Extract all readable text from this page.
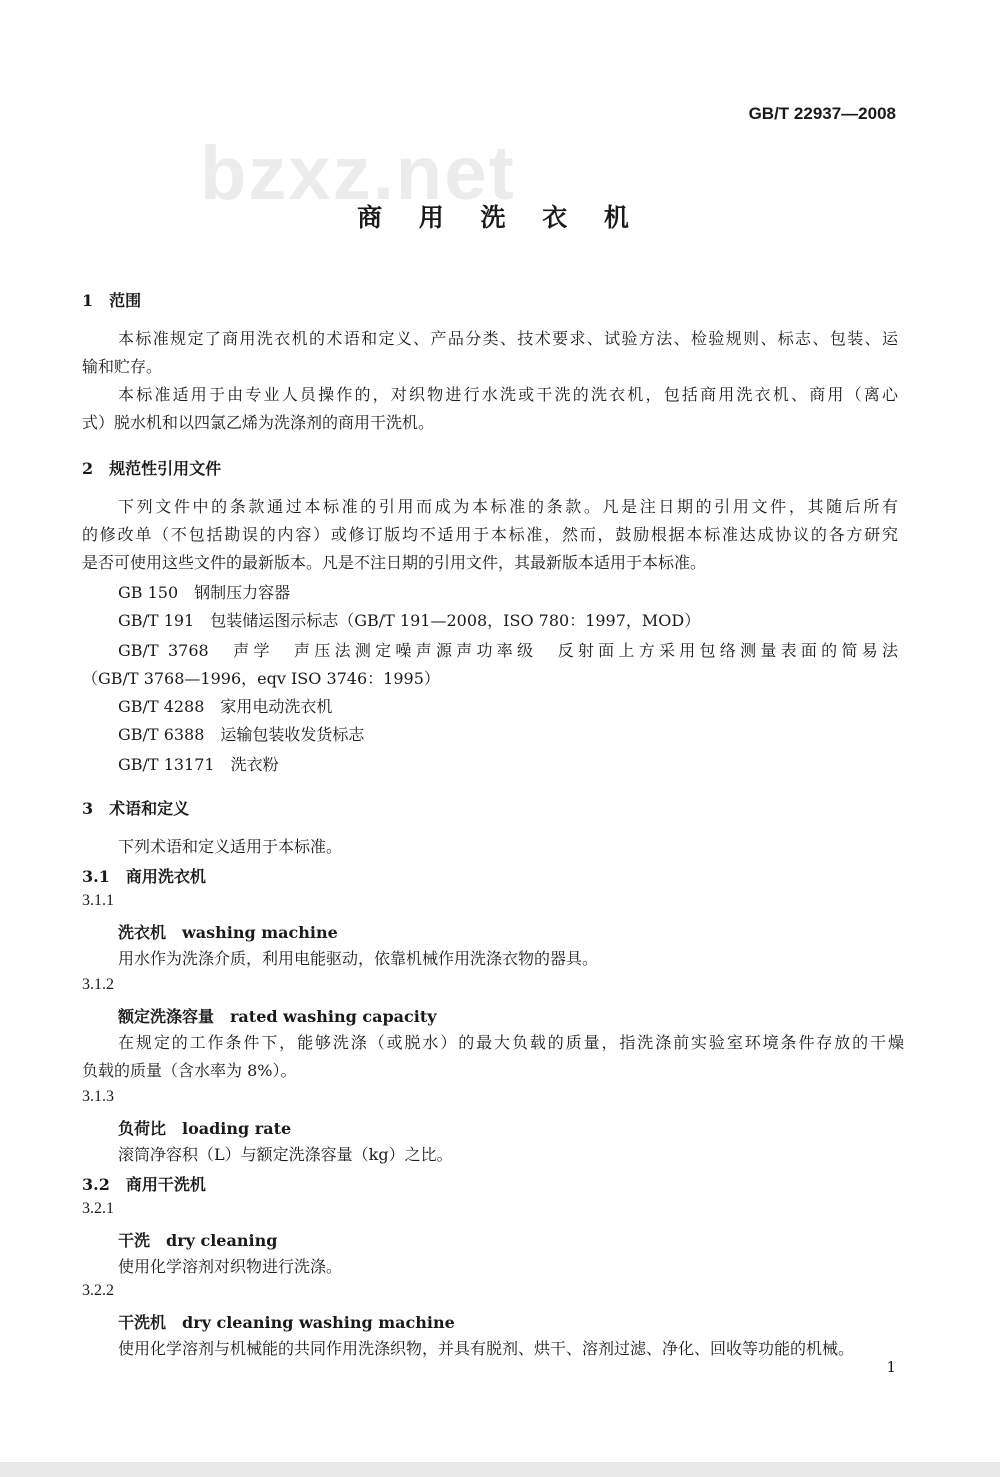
bzxz.net
GB/T 22937—2008
商 用 洗 衣 机
1　范围
本标准规定了商用洗衣机的术语和定义、产品分类、技术要求、试验方法、检验规则、标志、包装、运
输和贮存。
本标准适用于由专业人员操作的，对织物进行水洗或干洗的洗衣机，包括商用洗衣机、商用（离心
式）脱水机和以四氯乙烯为洗涤剂的商用干洗机。
2　规范性引用文件
下列文件中的条款通过本标准的引用而成为本标准的条款。凡是注日期的引用文件，其随后所有
的修改单（不包括勘误的内容）或修订版均不适用于本标准，然而，鼓励根据本标准达成协议的各方研究
是否可使用这些文件的最新版本。凡是不注日期的引用文件，其最新版本适用于本标准。
GB 150　钢制压力容器
GB/T 191　包装储运图示标志（GB/T 191—2008，ISO 780：1997，MOD）
GB/T 3768　声学　声压法测定噪声源声功率级　反射面上方采用包络测量表面的简易法
（GB/T 3768—1996，eqv ISO 3746：1995）
GB/T 4288　家用电动洗衣机
GB/T 6388　运输包装收发货标志
GB/T 13171　洗衣粉
3　术语和定义
下列术语和定义适用于本标准。
3.1　商用洗衣机
3.1.1
洗衣机　washing machine
用水作为洗涤介质，利用电能驱动，依靠机械作用洗涤衣物的器具。
3.1.2
额定洗涤容量　rated washing capacity
在规定的工作条件下，能够洗涤（或脱水）的最大负载的质量，指洗涤前实验室环境条件存放的干燥
负载的质量（含水率为 8%）。
3.1.3
负荷比　loading rate
滚筒净容积（L）与额定洗涤容量（kg）之比。
3.2　商用干洗机
3.2.1
干洗　dry cleaning
使用化学溶剂对织物进行洗涤。
3.2.2
干洗机　dry cleaning washing machine
使用化学溶剂与机械能的共同作用洗涤织物，并具有脱剂、烘干、溶剂过滤、净化、回收等功能的机械。
1
